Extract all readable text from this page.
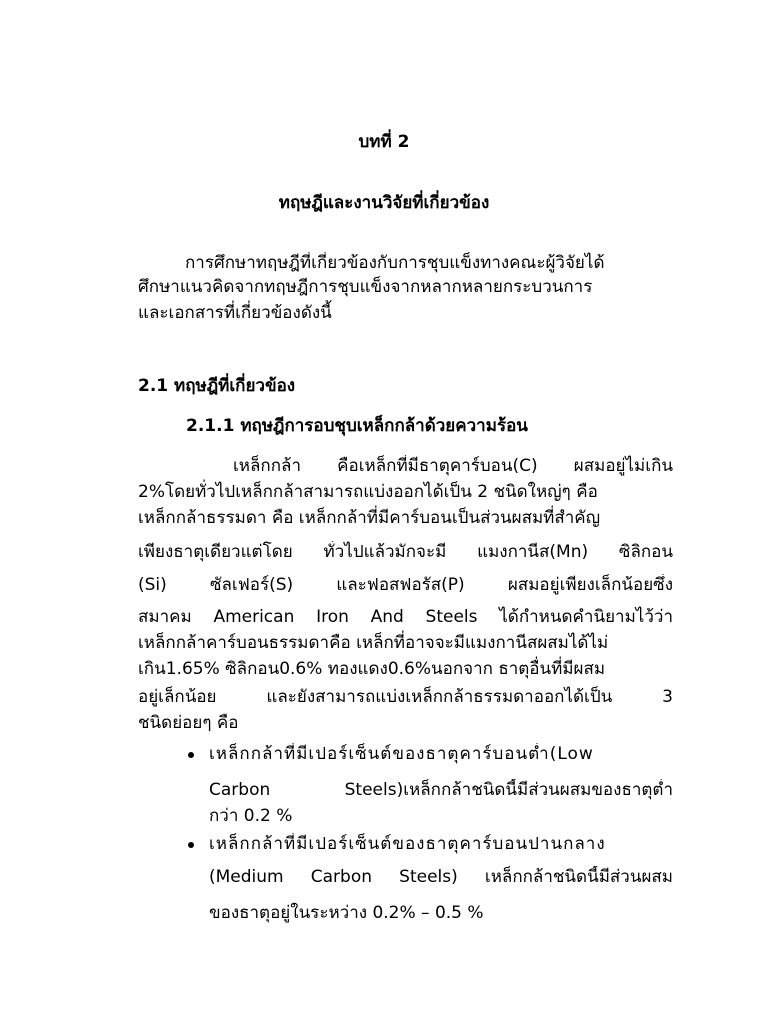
บทที่ 2
ทฤษฎีและงานวิจัยที่เกี่ยวข้อง
การศึกษาทฤษฎีที่เกี่ยวข้องกับการชุบแข็งทางคณะผู้วิจัยได้
ศึกษาแนวคิดจากทฤษฎีการชุบแข็งจากหลากหลายกระบวนการ
และเอกสารที่เกี่ยวข้องดังนี้
2.1 ทฤษฎีที่เกี่ยวข้อง
2.1.1 ทฤษฎีการอบชุบเหล็กกล้าด้วยความร้อน
เหล็กกล้า คือเหล็กที่มีธาตุคาร์บอน(C) ผสมอยู่ไม่เกิน
2%โดยทั่วไปเหล็กกล้าสามารถแบ่งออกได้เป็น 2 ชนิดใหญ่ๆ คือ
เหล็กกล้าธรรมดา คือ เหล็กกล้าที่มีคาร์บอนเป็นส่วนผสมที่สำคัญ
เพียงธาตุเดียวแต่โดย ทั่วไปแล้วมักจะมี แมงกานีส(Mn) ซิลิกอน
(Si) ซัลเฟอร์(S) และฟอสฟอรัส(P) ผสมอยู่เพียงเล็กน้อยซึ่ง
สมาคม American Iron And Steels ได้กำหนดคำนิยามไว้ว่า
เหล็กกล้าคาร์บอนธรรมดาคือ เหล็กที่อาจจะมีแมงกานีสผสมได้ไม่
เกิน1.65% ซิลิกอน0.6% ทองแดง0.6%นอกจาก ธาตุอื่นที่มีผสม
อยู่เล็กน้อย และยังสามารถแบ่งเหล็กกล้าธรรมดาออกได้เป็น 3
ชนิดย่อยๆ คือ
เหล็กกล้าที่มีเปอร์เซ็นต์ของธาตุคาร์บอนต่ำ(Low
Carbon Steels)เหล็กกล้าชนิดนี้มีส่วนผสมของธาตุต่ำ
กว่า 0.2 %
เหล็กกล้าที่มีเปอร์เซ็นต์ของธาตุคาร์บอนปานกลาง
(Medium Carbon Steels) เหล็กกล้าชนิดนี้มีส่วนผสม
ของธาตุอยู่ในระหว่าง 0.2% – 0.5 %
